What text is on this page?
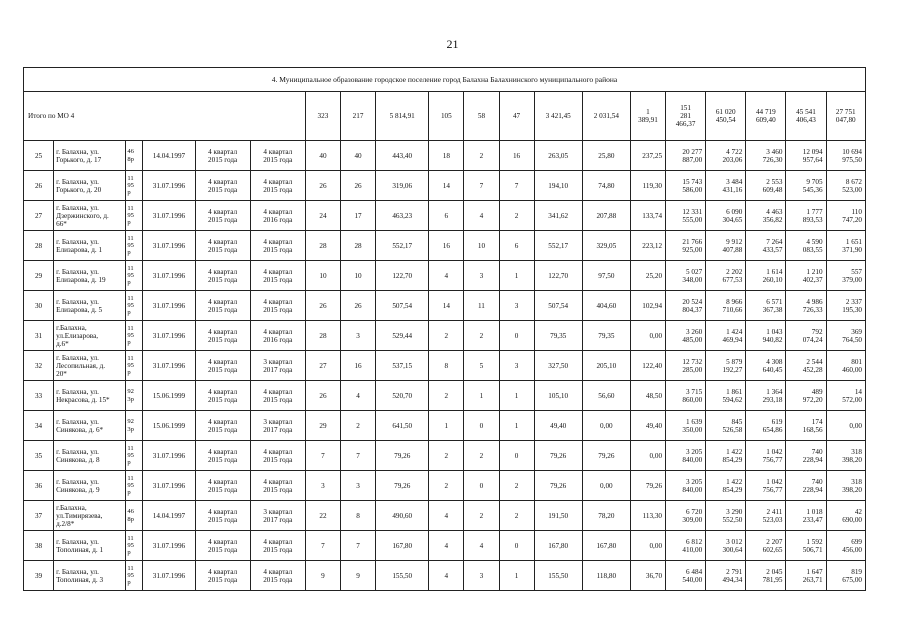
21
4. Муниципальное образование городское поселение город Балахна Балахнинского муниципального района																			
Итого по МО 4						323	217	5 814,91	105	58	47	3 421,45	2 031,54	1
389,91	151
281
466,37	61 020
450,54	44 719
609,40	45 541
406,43	27 751
047,80

25	г. Балахна, ул.
Горького, д. 17	46
8р	14.04.1997	4 квартал
2015 года	4 квартал
2015 года	40	40	443,40	18	2	16	263,05	25,80	237,25	20 277
887,00	4 722
203,06	3 460
726,30	12 094
957,64	10 694
975,50

26	г. Балахна, ул.
Горького, д. 20	11
95
р	31.07.1996	4 квартал
2015 года	4 квартал
2015 года	26	26	319,06	14	7	7	194,10	74,80	119,30	15 743
586,00	3 484
431,16	2 553
609,48	9 705
545,36	8 672
523,00

27	г. Балахна, ул.
Дзержинского, д.
66*	11
95
р	31.07.1996	4 квартал
2015 года	4 квартал
2016 года	24	17	463,23	6	4	2	341,62	207,88	133,74	12 331
555,00	6 090
304,65	4 463
356,82	1 777
893,53	110
747,20

28	г. Балахна, ул.
Елизарова, д. 1	11
95
р	31.07.1996	4 квартал
2015 года	4 квартал
2015 года	28	28	552,17	16	10	6	552,17	329,05	223,12	21 766
925,00	9 912
407,88	7 264
433,57	4 590
083,55	1 651
371,90

29	г. Балахна, ул.
Елизарова, д. 19	11
95
р	31.07.1996	4 квартал
2015 года	4 квартал
2015 года	10	10	122,70	4	3	1	122,70	97,50	25,20	5 027
348,00	2 202
677,53	1 614
260,10	1 210
402,37	557
379,00

30	г. Балахна, ул.
Елизарова, д. 5	11
95
р	31.07.1996	4 квартал
2015 года	4 квартал
2015 года	26	26	507,54	14	11	3	507,54	404,60	102,94	20 524
804,37	8 966
710,66	6 571
367,38	4 986
726,33	2 337
195,30

31	г.Балахна,
ул.Елизарова,
д.6*	11
95
р	31.07.1996	4 квартал
2015 года	4 квартал
2016 года	28	3	529,44	2	2	0	79,35	79,35	0,00	3 260
485,00	1 424
469,94	1 043
940,82	792
074,24	369
764,50

32	г. Балахна, ул.
Лесопильная, д.
20*	11
95
р	31.07.1996	4 квартал
2015 года	3 квартал
2017 года	27	16	537,15	8	5	3	327,50	205,10	122,40	12 732
285,00	5 879
192,27	4 308
640,45	2 544
452,28	801
460,00

33	г. Балахна, ул.
Некрасова, д. 15*	92
3р	15.06.1999	4 квартал
2015 года	4 квартал
2015 года	26	4	520,70	2	1	1	105,10	56,60	48,50	3 715
860,00	1 861
594,62	1 364
293,18	489
972,20	14
572,00

34	г. Балахна, ул.
Синякова, д. 6*	92
3р	15.06.1999	4 квартал
2015 года	3 квартал
2017 года	29	2	641,50	1	0	1	49,40	0,00	49,40	1 639
350,00	845
526,58	619
654,86	174
168,56	0,00

35	г. Балахна, ул.
Синякова, д. 8	11
95
р	31.07.1996	4 квартал
2015 года	4 квартал
2015 года	7	7	79,26	2	2	0	79,26	79,26	0,00	3 205
840,00	1 422
854,29	1 042
756,77	740
228,94	318
398,20

36	г. Балахна, ул.
Синякова, д. 9	11
95
р	31.07.1996	4 квартал
2015 года	4 квартал
2015 года	3	3	79,26	2	0	2	79,26	0,00	79,26	3 205
840,00	1 422
854,29	1 042
756,77	740
228,94	318
398,20

37	г.Балахна,
ул.Тимирязева,
д.2/8*	46
8р	14.04.1997	4 квартал
2015 года	3 квартал
2017 года	22	8	490,60	4	2	2	191,50	78,20	113,30	6 720
309,00	3 290
552,50	2 411
523,03	1 018
233,47	42
690,00

38	г. Балахна, ул.
Тополиная, д. 1	11
95
р	31.07.1996	4 квартал
2015 года	4 квартал
2015 года	7	7	167,80	4	4	0	167,80	167,80	0,00	6 812
410,00	3 012
300,64	2 207
602,65	1 592
506,71	699
456,00

39	г. Балахна, ул.
Тополиная, д. 3	11
95
р	31.07.1996	4 квартал
2015 года	4 квартал
2015 года	9	9	155,50	4	3	1	155,50	118,80	36,70	6 484
540,00	2 791
494,34	2 045
781,95	1 647
263,71	819
675,00
